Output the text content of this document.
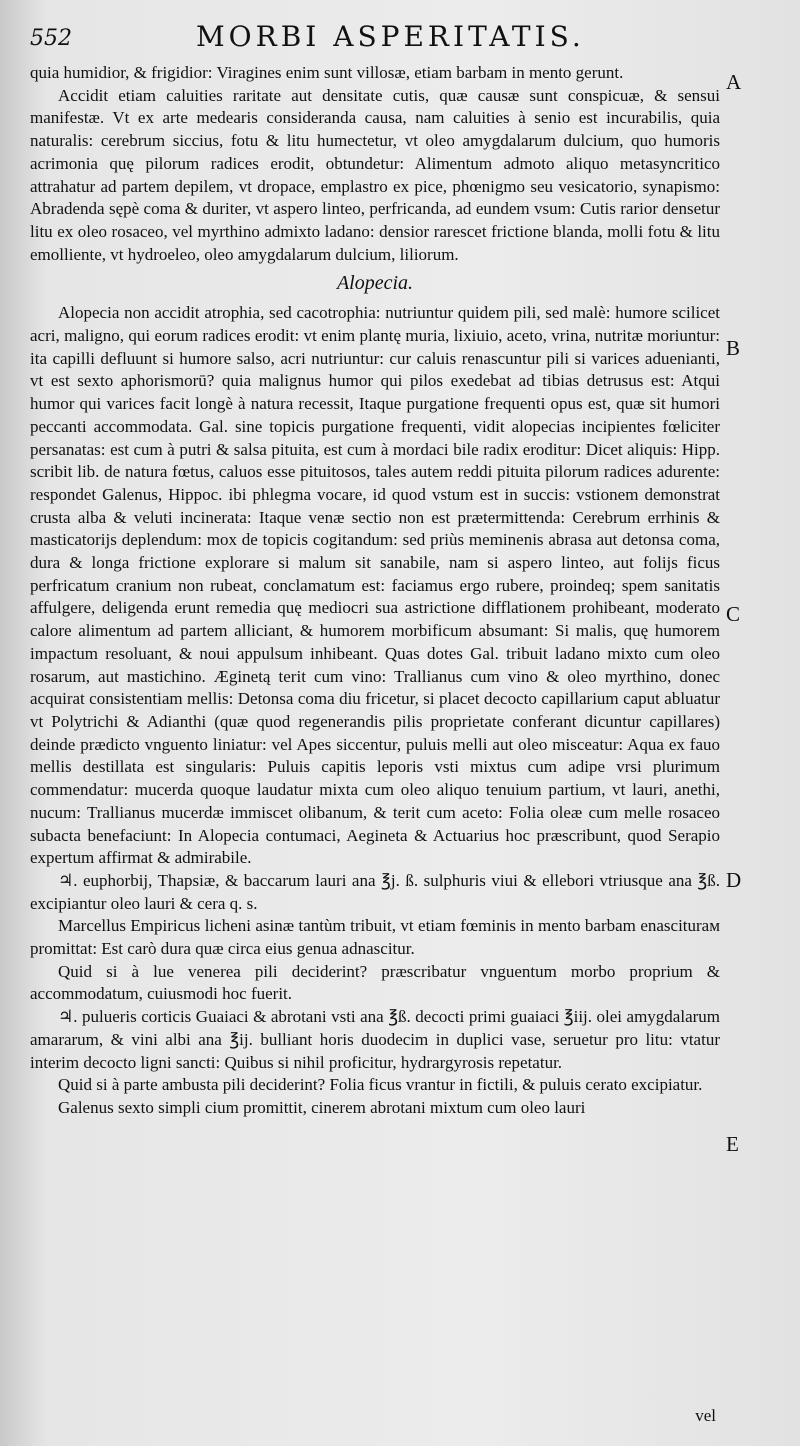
552	MORBI ASPERITATIS.

quia humidior, & frigidior: Viragines enim sunt villosæ, etiam barbam in mento gerunt.

Accidit etiam caluities raritate aut densitate cutis, quæ causæ sunt conspicuæ, & sensui manifestæ. Vt ex arte medearis consideranda causa, nam caluities à senio est incurabilis, quia naturalis: cerebrum siccius, fotu & litu humectetur, vt oleo amygdalarum dulcium, quo humoris acrimonia quę pilorum radices erodit, obtundetur: Alimentum admoto aliquo metasyncritico attrahatur ad partem depilem, vt dropace, emplastro ex pice, phœnigmo seu vesicatorio, synapismo: Abradenda sępè coma & duriter, vt aspero linteo, perfricanda, ad eundem vsum: Cutis rarior densetur litu ex oleo rosaceo, vel myrthino admixto ladano: densior rarescet frictione blanda, molli fotu & litu emolliente, vt hydroeleo, oleo amygdalarum dulcium, liliorum.

Alopecia.

Alopecia non accidit atrophia, sed cacotrophia: nutriuntur quidem pili, sed malè: humore scilicet acri, maligno, qui eorum radices erodit: vt enim plantę muria, lixiuio, aceto, vrina, nutritæ moriuntur: ita capilli defluunt si humore salso, acri nutriuntur: cur caluis renascuntur pili si varices aduenianti, vt est sexto aphorismorū? quia malignus humor qui pilos exedebat ad tibias detrusus est: Atqui humor qui varices facit longè à natura recessit, Itaque purgatione frequenti opus est, quæ sit humori peccanti accommodata. Gal. sine topicis purgatione frequenti, vidit alopecias incipientes fœliciter persanatas: est cum à putri & salsa pituita, est cum à mordaci bile radix eroditur: Dicet aliquis: Hipp. scribit lib. de natura fœtus, caluos esse pituitosos, tales autem reddi pituita pilorum radices adurente: respondet Galenus, Hippoc. ibi phlegma vocare, id quod vstum est in succis: vstionem demonstrat crusta alba & veluti incinerata: Itaque venæ sectio non est prætermittenda: Cerebrum errhinis & masticatorijs deplendum: mox de topicis cogitandum: sed priùs meminenis abrasa aut detonsa coma, dura & longa frictione explorare si malum sit sanabile, nam si aspero linteo, aut folijs ficus perfricatum cranium non rubeat, conclamatum est: faciamus ergo rubere, proindeq; spem sanitatis affulgere, deligenda erunt remedia quę mediocri sua astrictione difflationem prohibeant, moderato calore alimentum ad partem alliciant, & humorem morbificum absumant: Si malis, quę humorem impactum resoluant, & noui appulsum inhibeant. Quas dotes Gal. tribuit ladano mixto cum oleo rosarum, aut mastichino. Æginetą terit cum vino: Trallianus cum vino & oleo myrthino, donec acquirat consistentiam mellis: Detonsa coma diu fricetur, si placet decocto capillarium caput abluatur vt Polytrichi & Adianthi (quæ quod regenerandis pilis proprietate conferant dicuntur capillares) deinde prædicto vnguento liniatur: vel Apes siccentur, puluis melli aut oleo misceatur: Aqua ex fauo mellis destillata est singularis: Puluis capitis leporis vsti mixtus cum adipe vrsi plurimum commendatur: mucerda quoque laudatur mixta cum oleo aliquo tenuium partium, vt lauri, anethi, nucum: Trallianus mucerdæ immiscet olibanum, & terit cum aceto: Folia oleæ cum melle rosaceo subacta benefaciunt: In Alopecia contumaci, Aegineta & Actuarius hoc præscribunt, quod Serapio expertum affirmat & admirabile.

♃. euphorbij, Thapsiæ, & baccarum lauri ana ℥j. ß. sulphuris viui & ellebori vtriusque ana ℥ß. excipiantur oleo lauri & cera q. s.

Marcellus Empiricus licheni asinæ tantùm tribuit, vt etiam fœminis in mento barbam enasciturам promittat: Est carò dura quæ circa eius genua adnascitur.

Quid si à lue venerea pili deciderint? præscribatur vnguentum morbo proprium & accommodatum, cuiusmodi hoc fuerit.

♃. pulueris corticis Guaiaci & abrotani vsti ana ℥ß. decocti primi guaiaci ℥iij. olei amygdalarum amararum, & vini albi ana ℥ij. bulliant horis duodecim in duplici vase, seruetur pro litu: vtatur interim decocto ligni sancti: Quibus si nihil proficitur, hydrargyrosis repetatur.

Quid si à parte ambusta pili deciderint? Folia ficus vrantur in fictili, & puluis cerato excipiatur.

Galenus sexto simpli cium promittit, cinerem abrotani mixtum cum oleo lauri

A
B
C
D
E
vel
